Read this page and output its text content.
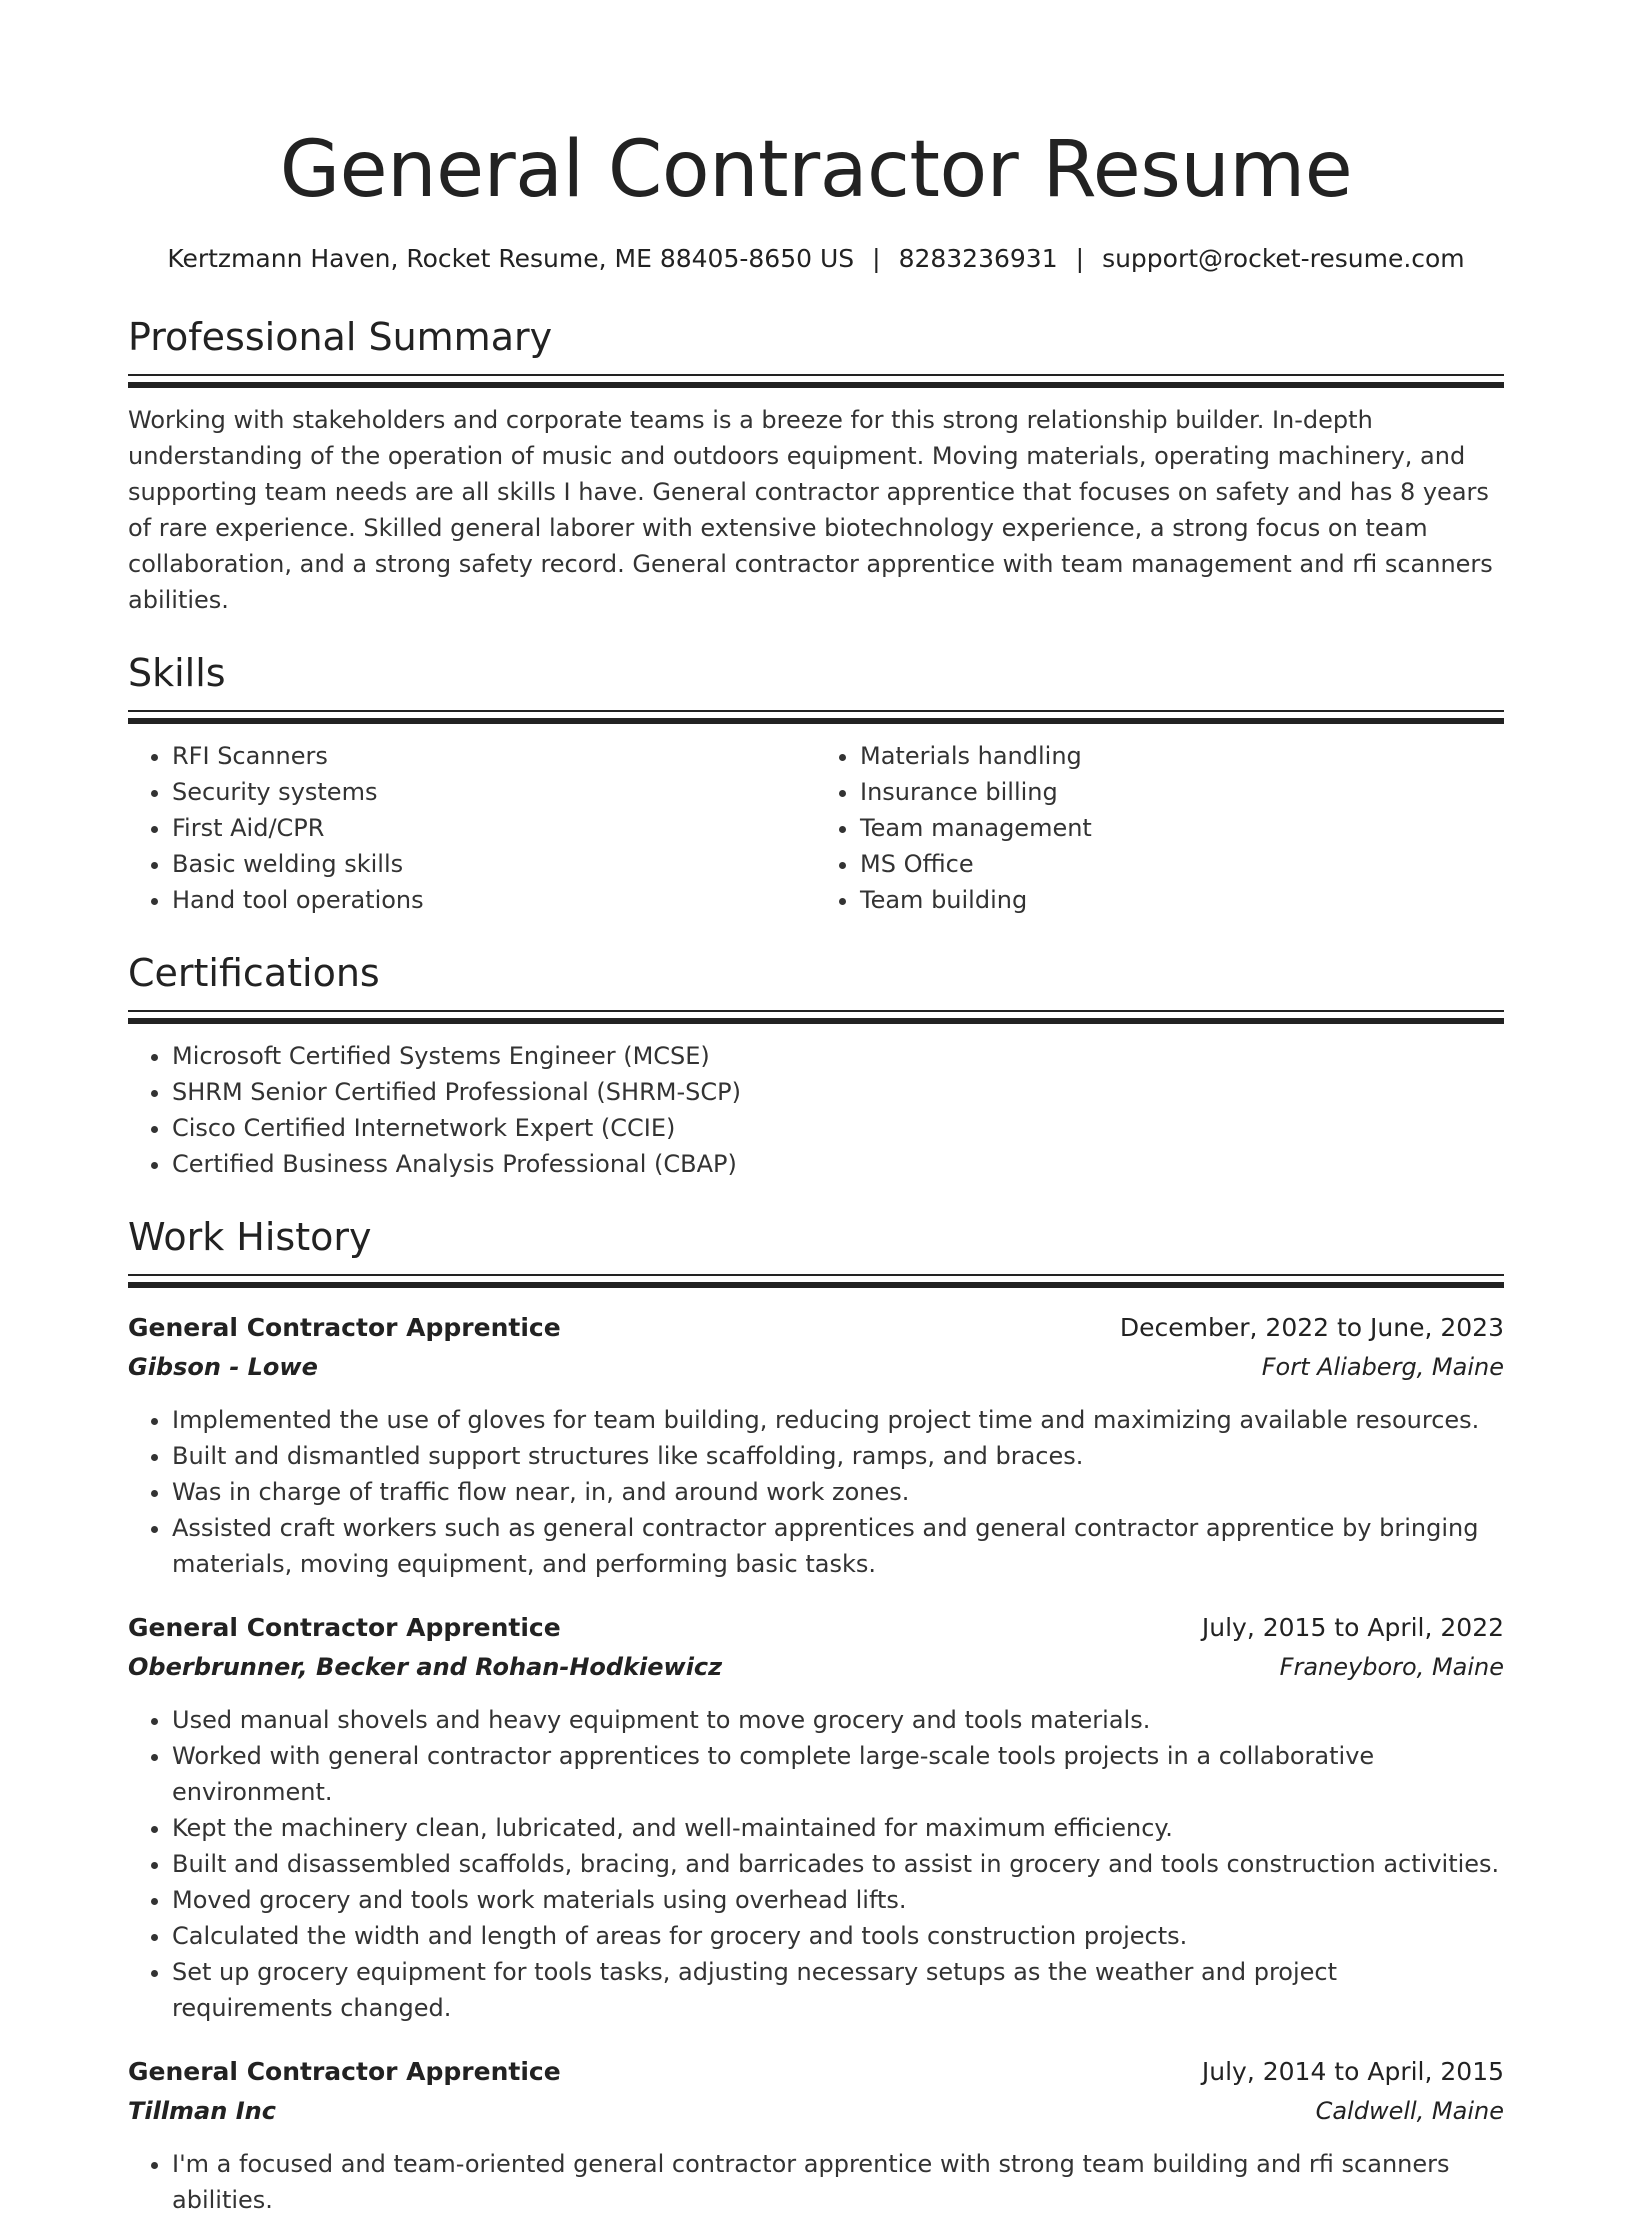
General Contractor Resume
Kertzmann Haven, Rocket Resume, ME 88405-8650 US | 8283236931 | support@rocket-resume.com
Professional Summary
Working with stakeholders and corporate teams is a breeze for this strong relationship builder. In-depth understanding of the operation of music and outdoors equipment. Moving materials, operating machinery, and supporting team needs are all skills I have. General contractor apprentice that focuses on safety and has 8 years of rare experience. Skilled general laborer with extensive biotechnology experience, a strong focus on team collaboration, and a strong safety record. General contractor apprentice with team management and rfi scanners abilities.
Skills
• RFI Scanners
• Security systems
• First Aid/CPR
• Basic welding skills
• Hand tool operations
• Materials handling
• Insurance billing
• Team management
• MS Office
• Team building
Certifications
• Microsoft Certified Systems Engineer (MCSE)
• SHRM Senior Certified Professional (SHRM-SCP)
• Cisco Certified Internetwork Expert (CCIE)
• Certified Business Analysis Professional (CBAP)
Work History
General Contractor Apprentice	December, 2022 to June, 2023
Gibson - Lowe	Fort Aliaberg, Maine
• Implemented the use of gloves for team building, reducing project time and maximizing available resources.
• Built and dismantled support structures like scaffolding, ramps, and braces.
• Was in charge of traffic flow near, in, and around work zones.
• Assisted craft workers such as general contractor apprentices and general contractor apprentice by bringing materials, moving equipment, and performing basic tasks.
General Contractor Apprentice	July, 2015 to April, 2022
Oberbrunner, Becker and Rohan-Hodkiewicz	Franeyboro, Maine
• Used manual shovels and heavy equipment to move grocery and tools materials.
• Worked with general contractor apprentices to complete large-scale tools projects in a collaborative environment.
• Kept the machinery clean, lubricated, and well-maintained for maximum efficiency.
• Built and disassembled scaffolds, bracing, and barricades to assist in grocery and tools construction activities.
• Moved grocery and tools work materials using overhead lifts.
• Calculated the width and length of areas for grocery and tools construction projects.
• Set up grocery equipment for tools tasks, adjusting necessary setups as the weather and project requirements changed.
General Contractor Apprentice	July, 2014 to April, 2015
Tillman Inc	Caldwell, Maine
• I'm a focused and team-oriented general contractor apprentice with strong team building and rfi scanners abilities.
